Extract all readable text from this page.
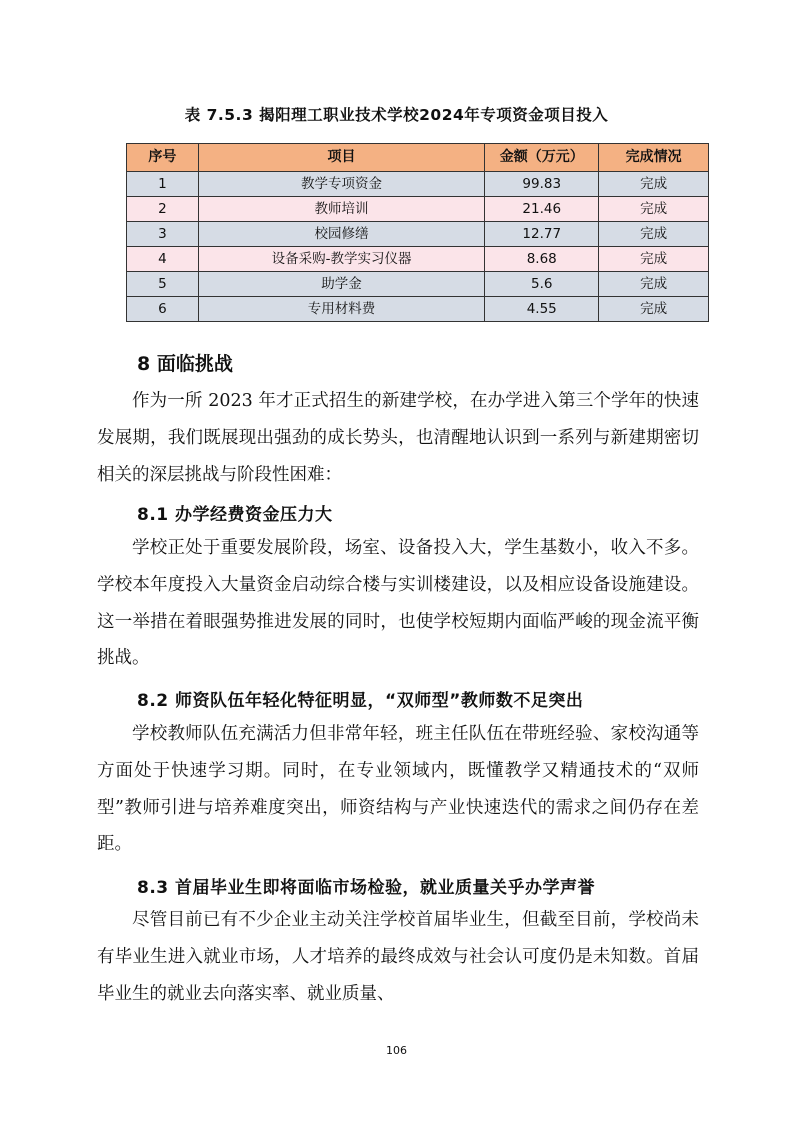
表 7.5.3 揭阳理工职业技术学校2024年专项资金项目投入
序号	项目	金额（万元）	完成情况
1	教学专项资金	99.83	完成
2	教师培训	21.46	完成
3	校园修缮	12.77	完成
4	设备采购-教学实习仪器	8.68	完成
5	助学金	5.6	完成
6	专用材料费	4.55	完成
8 面临挑战

作为一所 2023 年才正式招生的新建学校，在办学进入第三个学年的快速发展期，我们既展现出强劲的成长势头，也清醒地认识到一系列与新建期密切相关的深层挑战与阶段性困难：

8.1 办学经费资金压力大

学校正处于重要发展阶段，场室、设备投入大，学生基数小，收入不多。学校本年度投入大量资金启动综合楼与实训楼建设，以及相应设备设施建设。这一举措在着眼强势推进发展的同时，也使学校短期内面临严峻的现金流平衡挑战。

8.2 师资队伍年轻化特征明显，“双师型”教师数不足突出

学校教师队伍充满活力但非常年轻，班主任队伍在带班经验、家校沟通等方面处于快速学习期。同时，在专业领域内，既懂教学又精通技术的“双师型”教师引进与培养难度突出，师资结构与产业快速迭代的需求之间仍存在差距。

8.3 首届毕业生即将面临市场检验，就业质量关乎办学声誉

尽管目前已有不少企业主动关注学校首届毕业生，但截至目前，学校尚未有毕业生进入就业市场，人才培养的最终成效与社会认可度仍是未知数。首届毕业生的就业去向落实率、就业质量、

106
